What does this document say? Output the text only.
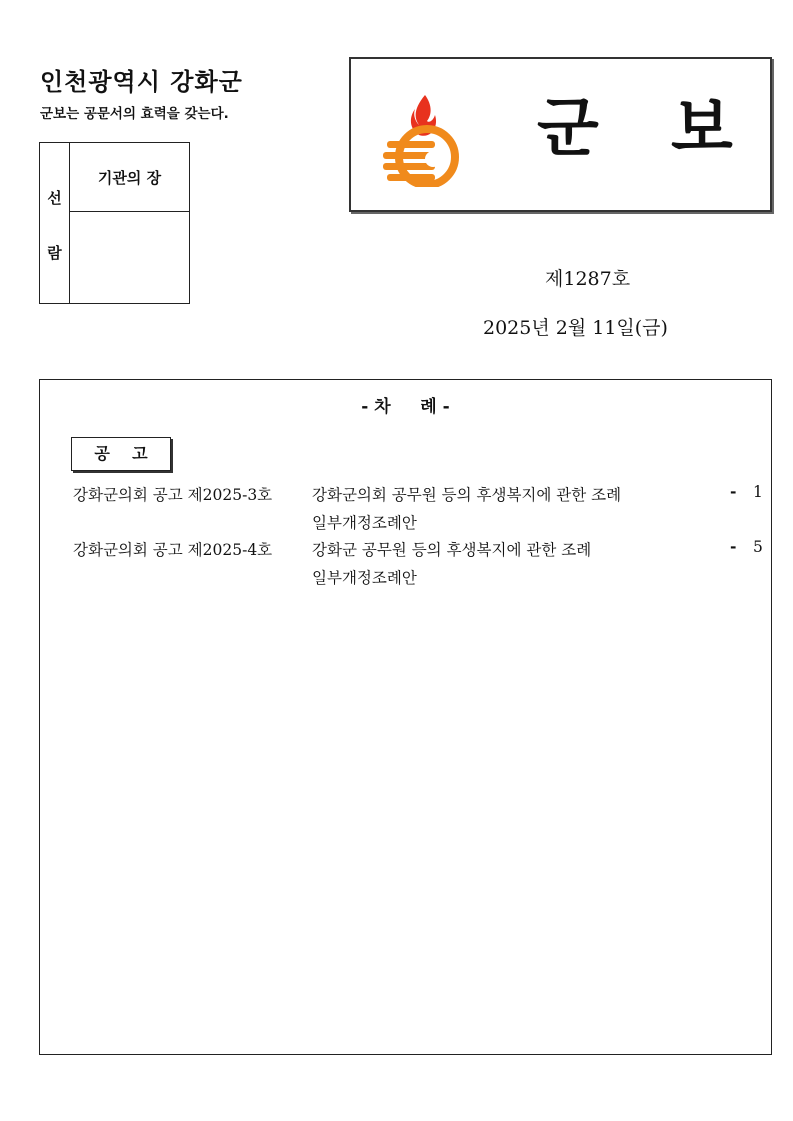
인천광역시 강화군
군보는 공문서의 효력을 갖는다.
선
람
기관의 장
군 보
제1287호
2025년 2월 11일(금)
- 차     례 -
공    고
강화군의회 공고 제2025-3호	강화군의회 공무원 등의 후생복지에 관한 조례
일부개정조례안
- 1
강화군의회 공고 제2025-4호	강화군 공무원 등의 후생복지에 관한 조례
일부개정조례안
- 5
